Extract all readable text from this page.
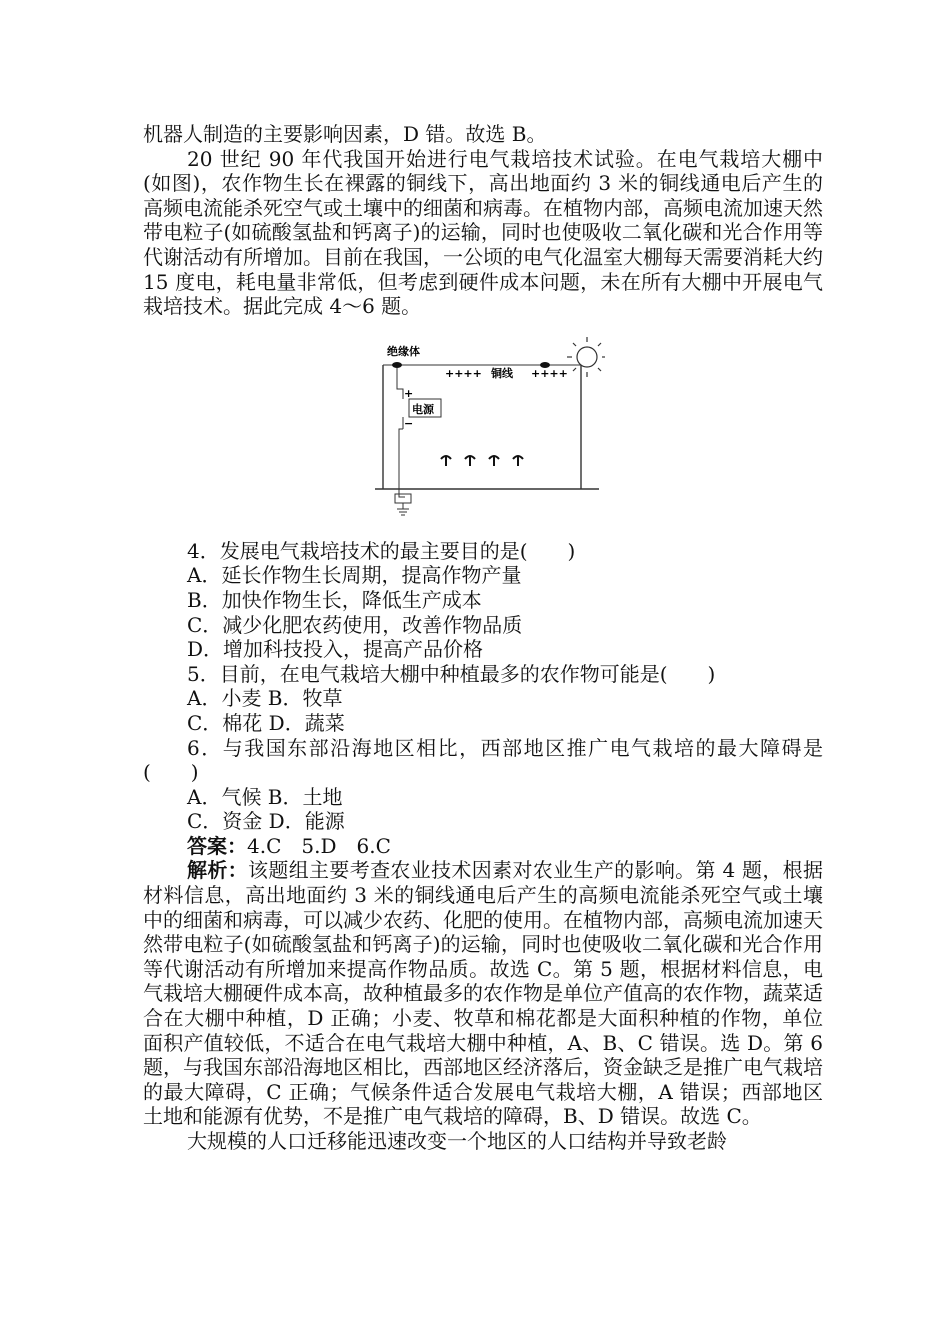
机器人制造的主要影响因素，D 错。故选 B。

20 世纪 90 年代我国开始进行电气栽培技术试验。在电气栽培大棚中(如图)，农作物生长在裸露的铜线下，高出地面约 3 米的铜线通电后产生的高频电流能杀死空气或土壤中的细菌和病毒。在植物内部，高频电流加速天然带电粒子(如硫酸氢盐和钙离子)的运输，同时也使吸收二氧化碳和光合作用等代谢活动有所增加。目前在我国，一公顷的电气化温室大棚每天需要消耗大约 15 度电，耗电量非常低，但考虑到硬件成本问题，未在所有大棚中开展电气栽培技术。据此完成 4～6 题。

绝缘体
++++ 铜线 ++++
电源
+
−

4．发展电气栽培技术的最主要目的是(　　)

A．延长作物生长周期，提高作物产量

B．加快作物生长，降低生产成本

C．减少化肥农药使用，改善作物品质

D．增加科技投入，提高产品价格

5．目前，在电气栽培大棚中种植最多的农作物可能是(　　)

A．小麦 B．牧草

C．棉花 D．蔬菜

6．与我国东部沿海地区相比，西部地区推广电气栽培的最大障碍是(　　)

A．气候 B．土地

C．资金 D．能源

答案：4.C　5.D　6.C

解析：该题组主要考查农业技术因素对农业生产的影响。第 4 题，根据材料信息，高出地面约 3 米的铜线通电后产生的高频电流能杀死空气或土壤中的细菌和病毒，可以减少农药、化肥的使用。在植物内部，高频电流加速天然带电粒子(如硫酸氢盐和钙离子)的运输，同时也使吸收二氧化碳和光合作用等代谢活动有所增加来提高作物品质。故选 C。第 5 题，根据材料信息，电气栽培大棚硬件成本高，故种植最多的农作物是单位产值高的农作物，蔬菜适合在大棚中种植，D 正确；小麦、牧草和棉花都是大面积种植的作物，单位面积产值较低，不适合在电气栽培大棚中种植，A、B、C 错误。选 D。第 6 题，与我国东部沿海地区相比，西部地区经济落后，资金缺乏是推广电气栽培的最大障碍，C 正确；气候条件适合发展电气栽培大棚，A 错误；西部地区土地和能源有优势，不是推广电气栽培的障碍，B、D 错误。故选 C。

大规模的人口迁移能迅速改变一个地区的人口结构并导致老龄
